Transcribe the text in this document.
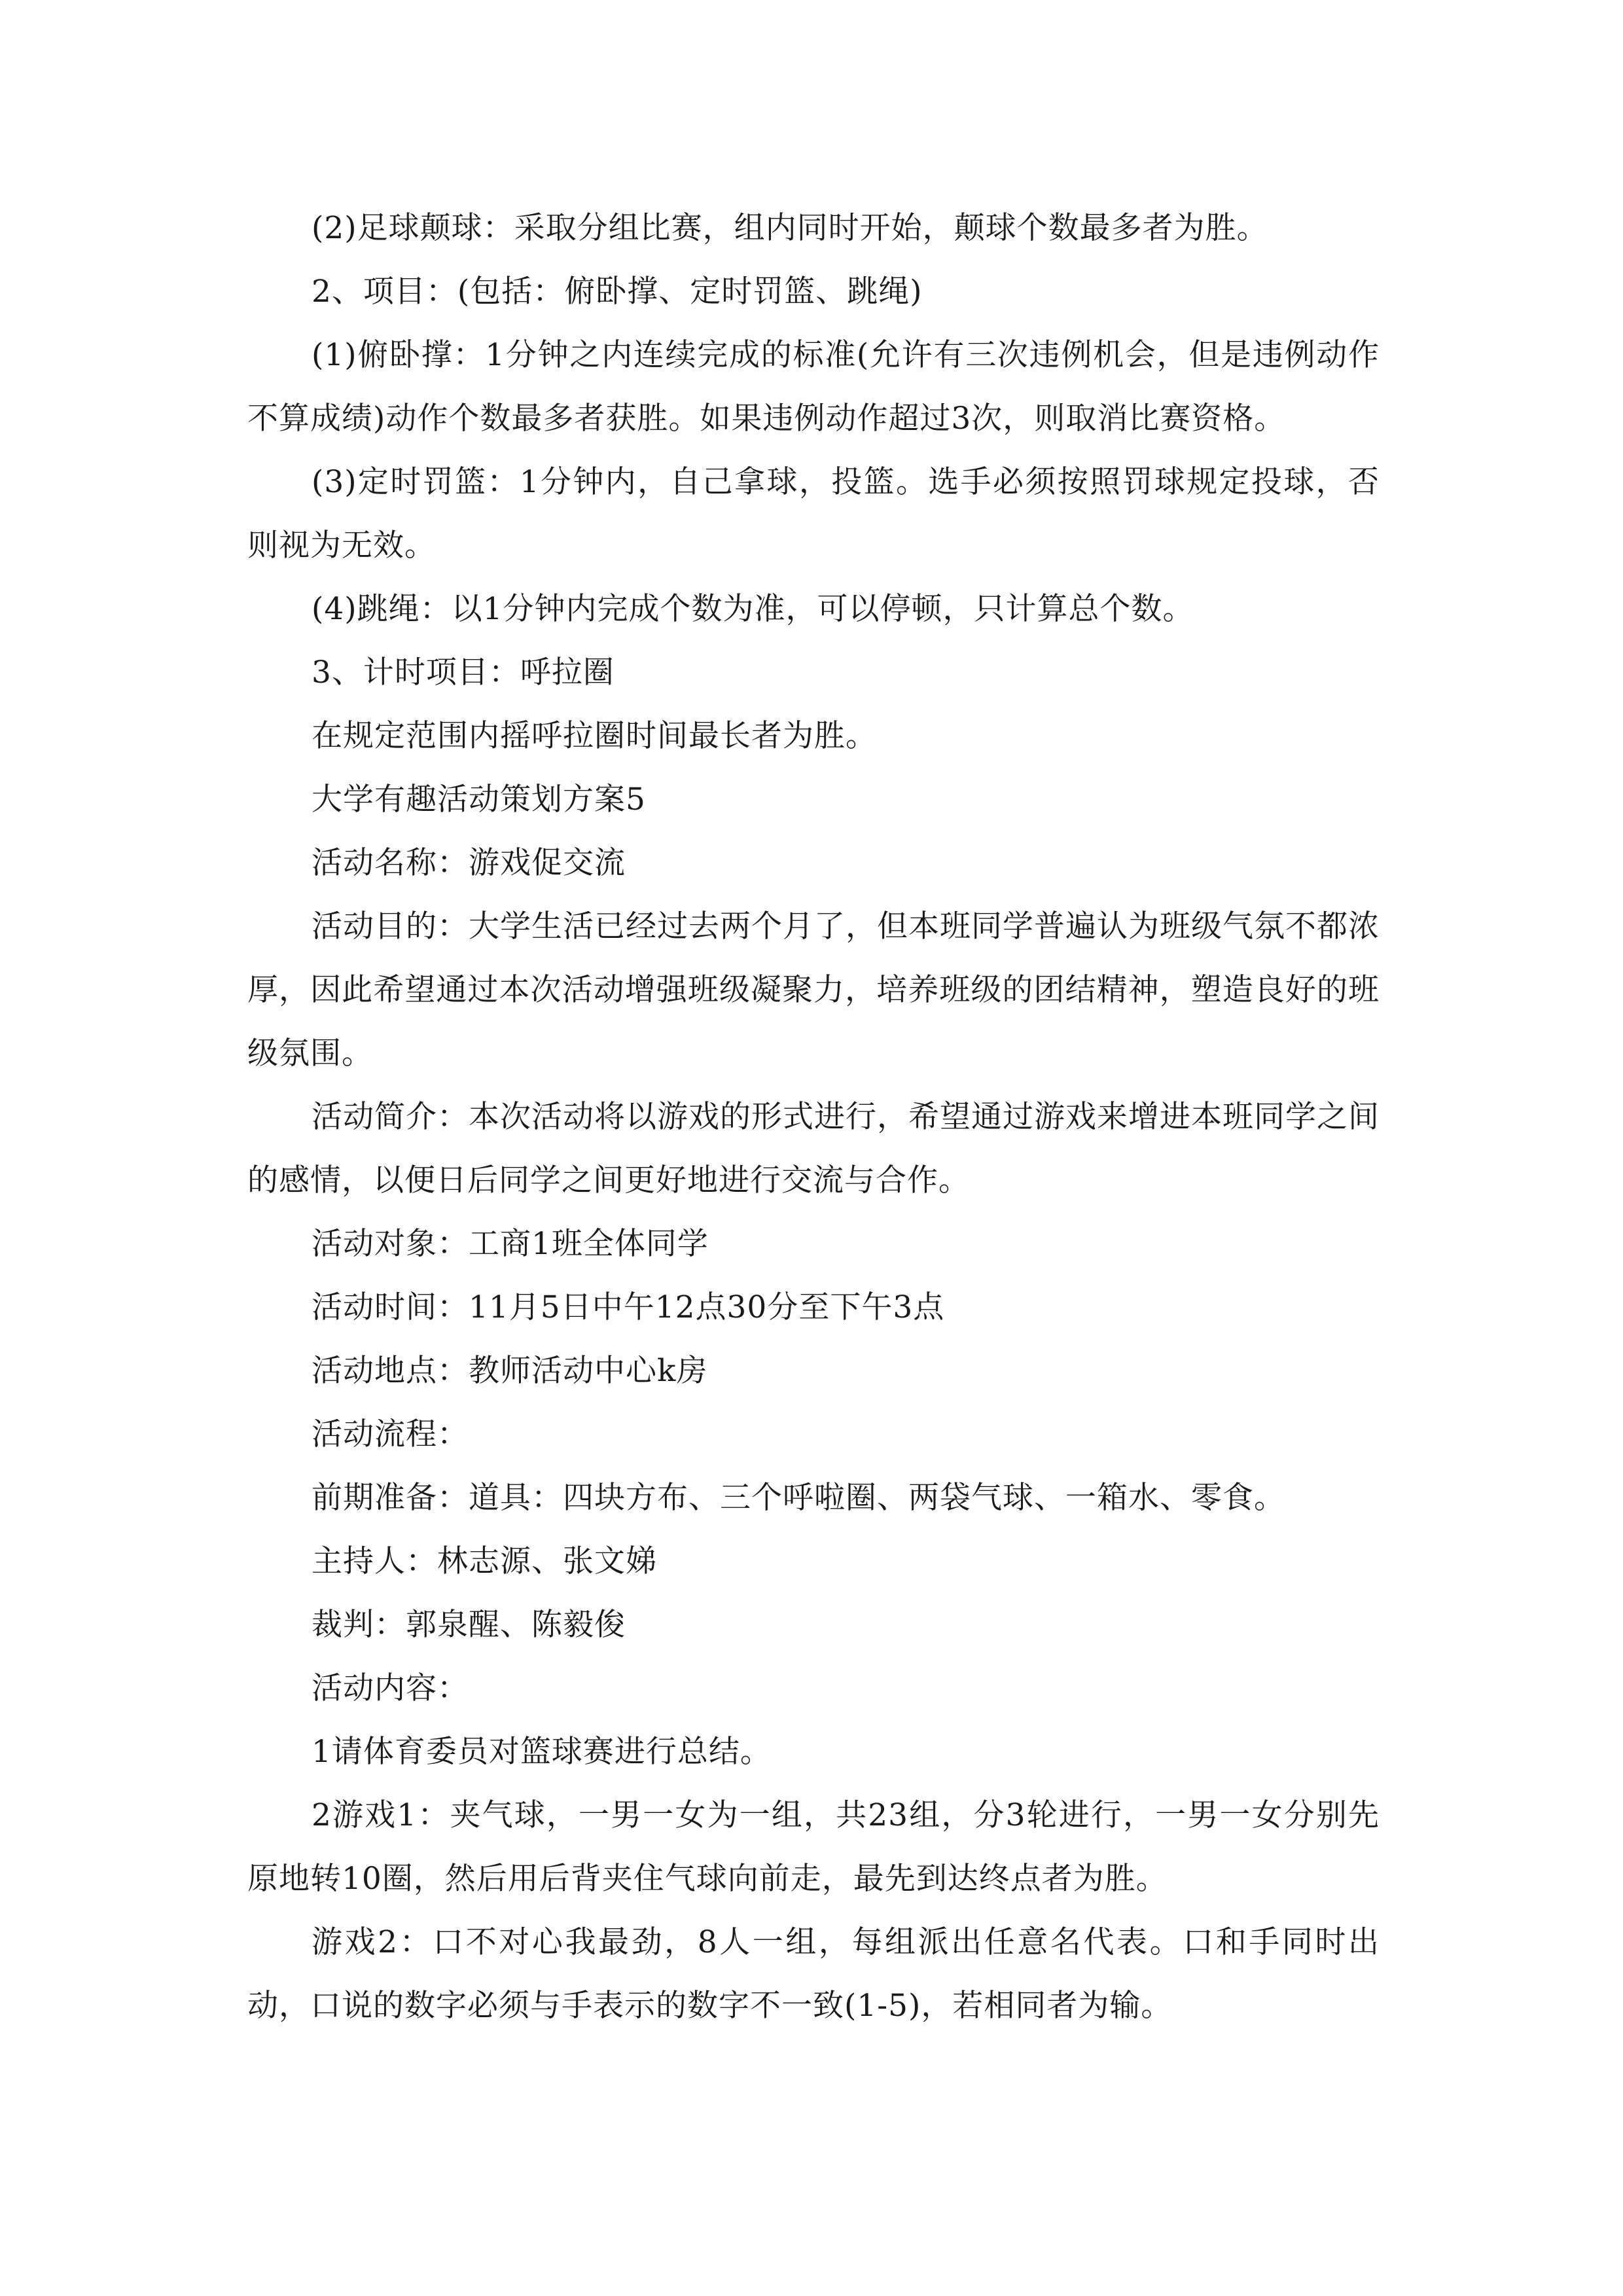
(2)足球颠球：采取分组比赛，组内同时开始，颠球个数最多者为胜。

2、项目：(包括：俯卧撑、定时罚篮、跳绳)

(1)俯卧撑：1分钟之内连续完成的标准(允许有三次违例机会，但是违例动作不算成绩)动作个数最多者获胜。如果违例动作超过3次，则取消比赛资格。

(3)定时罚篮：1分钟内，自己拿球，投篮。选手必须按照罚球规定投球，否则视为无效。

(4)跳绳：以1分钟内完成个数为准，可以停顿，只计算总个数。

3、计时项目：呼拉圈

在规定范围内摇呼拉圈时间最长者为胜。

大学有趣活动策划方案5

活动名称：游戏促交流

活动目的：大学生活已经过去两个月了，但本班同学普遍认为班级气氛不都浓厚，因此希望通过本次活动增强班级凝聚力，培养班级的团结精神，塑造良好的班级氛围。

活动简介：本次活动将以游戏的形式进行，希望通过游戏来增进本班同学之间的感情，以便日后同学之间更好地进行交流与合作。

活动对象：工商1班全体同学

活动时间：11月5日中午12点30分至下午3点

活动地点：教师活动中心k房

活动流程：

前期准备：道具：四块方布、三个呼啦圈、两袋气球、一箱水、零食。

主持人：林志源、张文娣

裁判：郭泉醒、陈毅俊

活动内容：

1请体育委员对篮球赛进行总结。

2游戏1：夹气球，一男一女为一组，共23组，分3轮进行，一男一女分别先原地转10圈，然后用后背夹住气球向前走，最先到达终点者为胜。

游戏2：口不对心我最劲，8人一组，每组派出任意名代表。口和手同时出动，口说的数字必须与手表示的数字不一致(1-5)，若相同者为输。
